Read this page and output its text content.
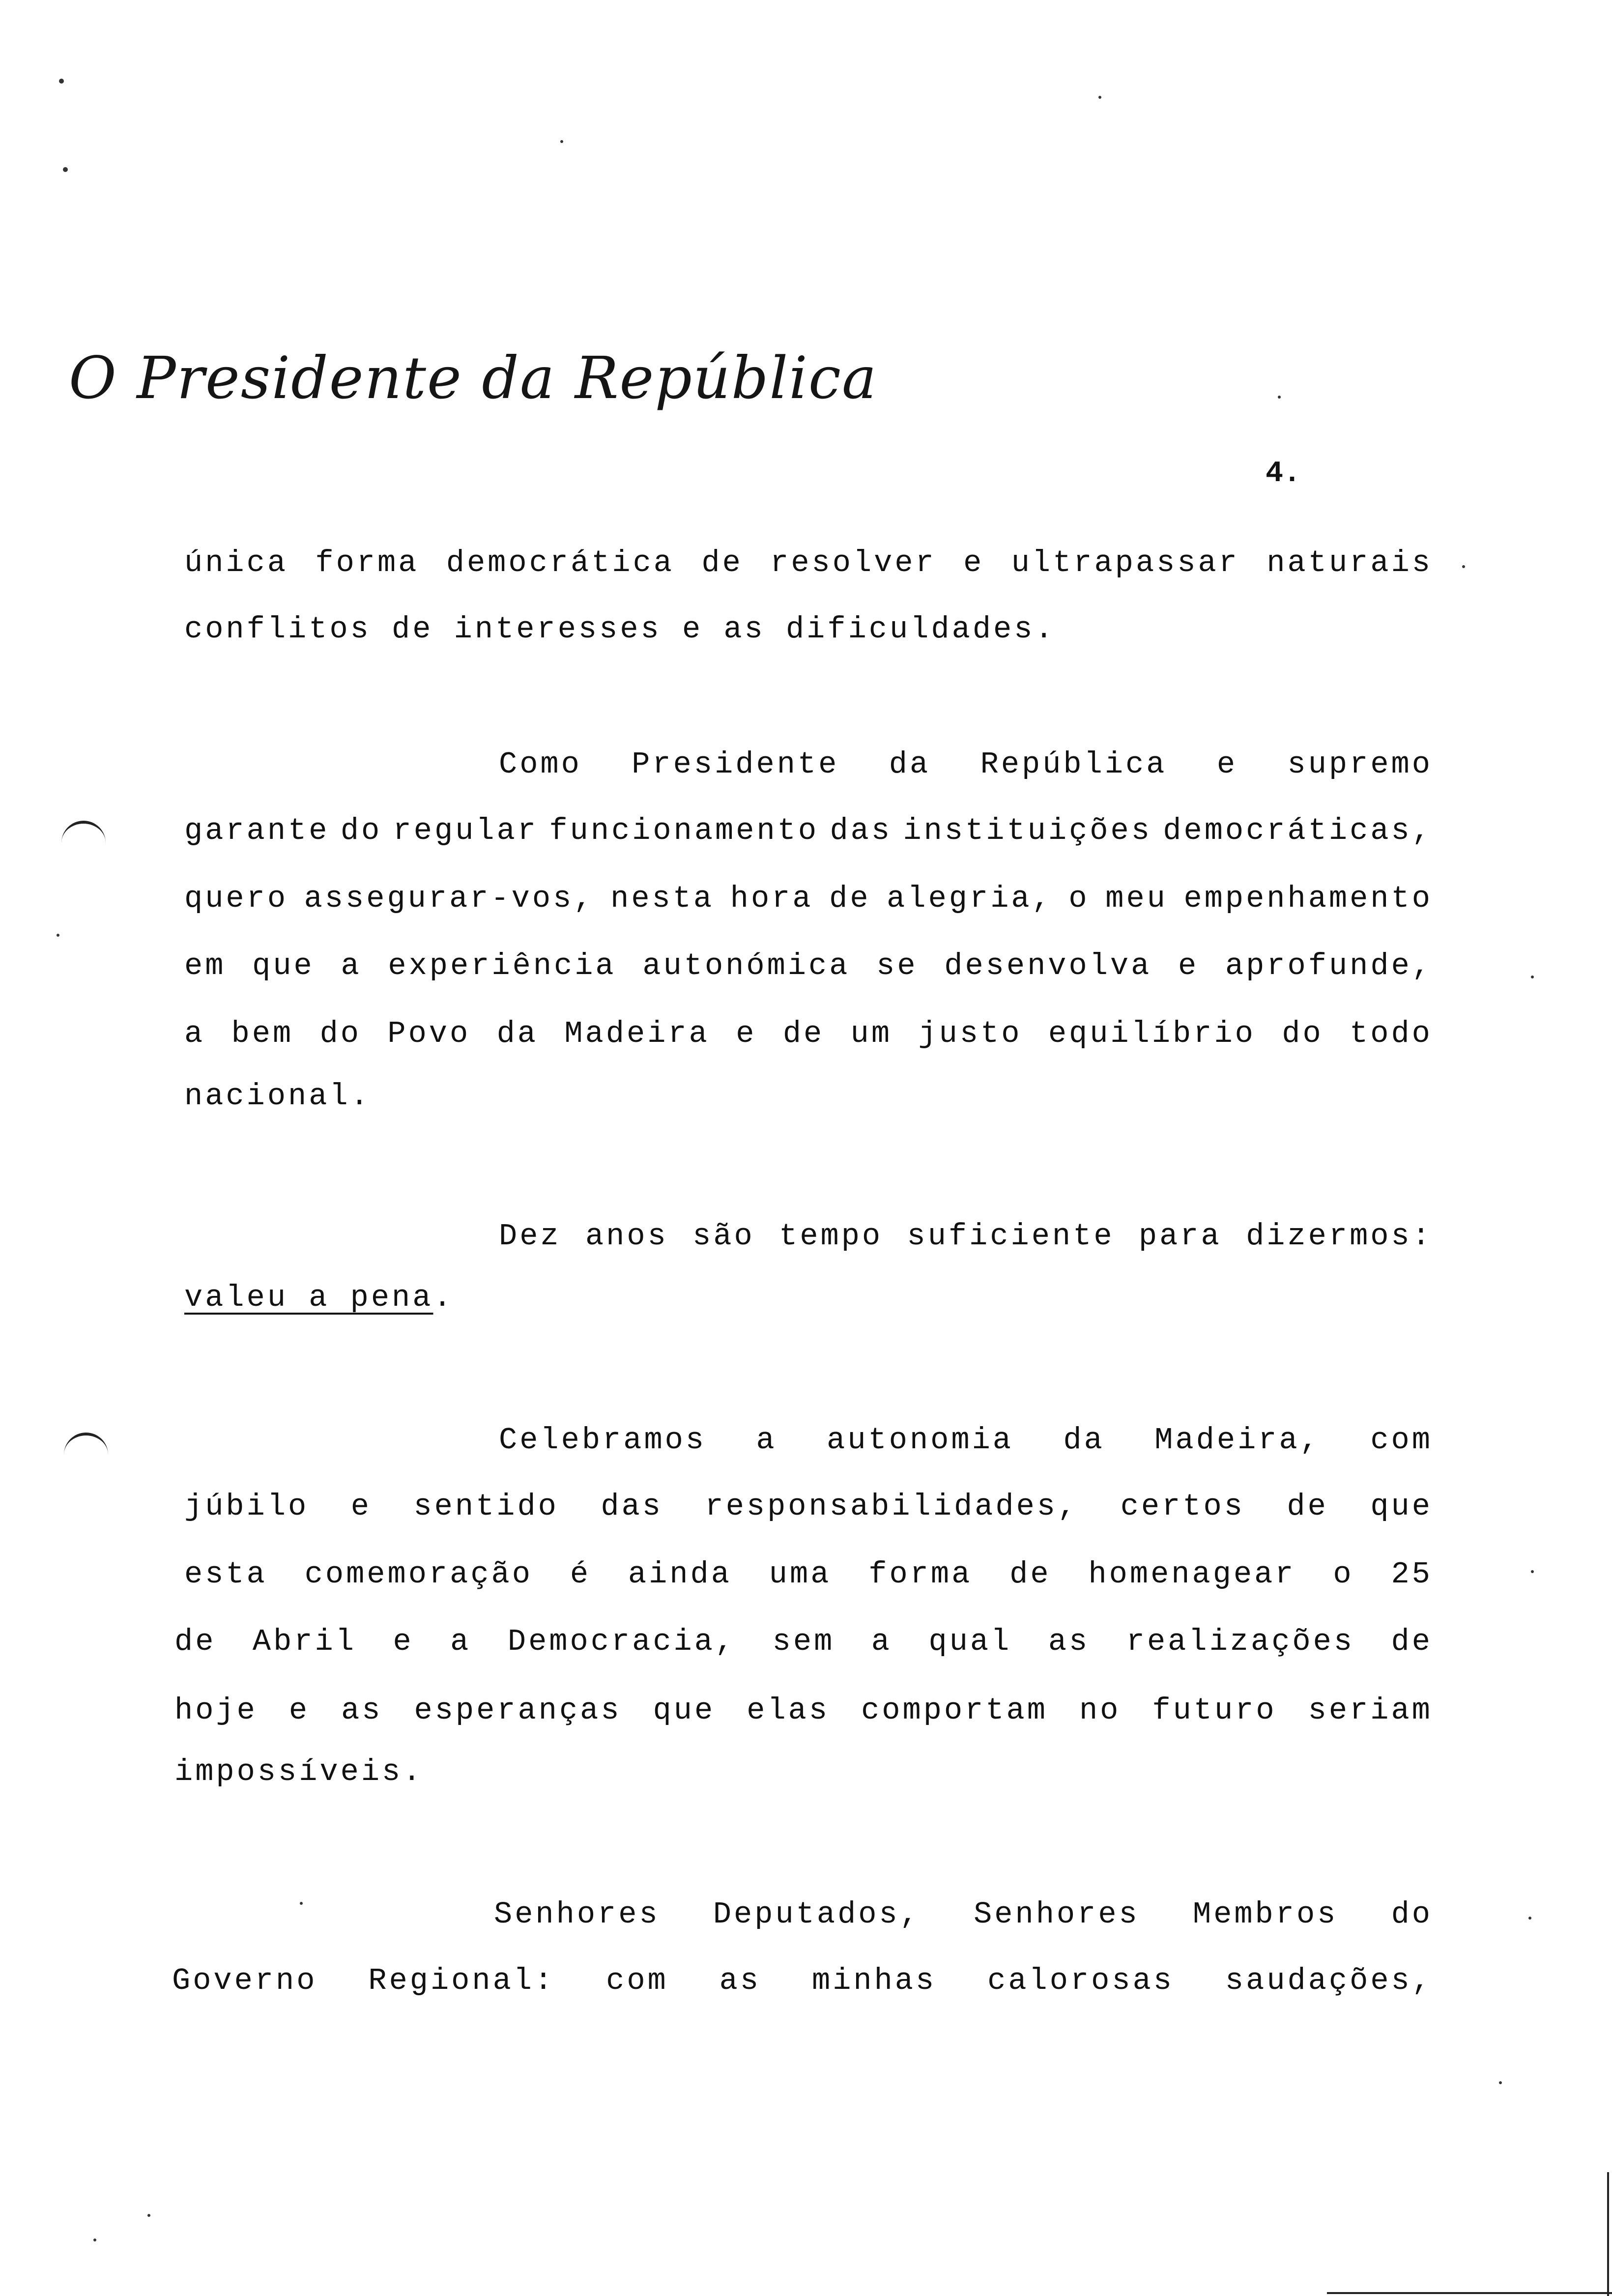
O Presidente da República
4.
única forma democrática de resolver e ultrapassar naturais
conflitos de interesses e as dificuldades.
Como Presidente da República e supremo
garante do regular funcionamento das instituições democráticas,
quero assegurar-vos, nesta hora de alegria, o meu empenhamento
em que a experiência autonómica se desenvolva e aprofunde,
a bem do Povo da Madeira e de um justo equilíbrio do todo
nacional.
Dez anos são tempo suficiente para dizermos:
valeu a pena .
Celebramos a autonomia da Madeira, com
júbilo e sentido das responsabilidades, certos de que
esta comemoração é ainda uma forma de homenagear o 25
de Abril e a Democracia, sem a qual as realizações de
hoje e as esperanças que elas comportam no futuro seriam
impossíveis.
Senhores Deputados, Senhores Membros do
Governo Regional: com as minhas calorosas saudações,
